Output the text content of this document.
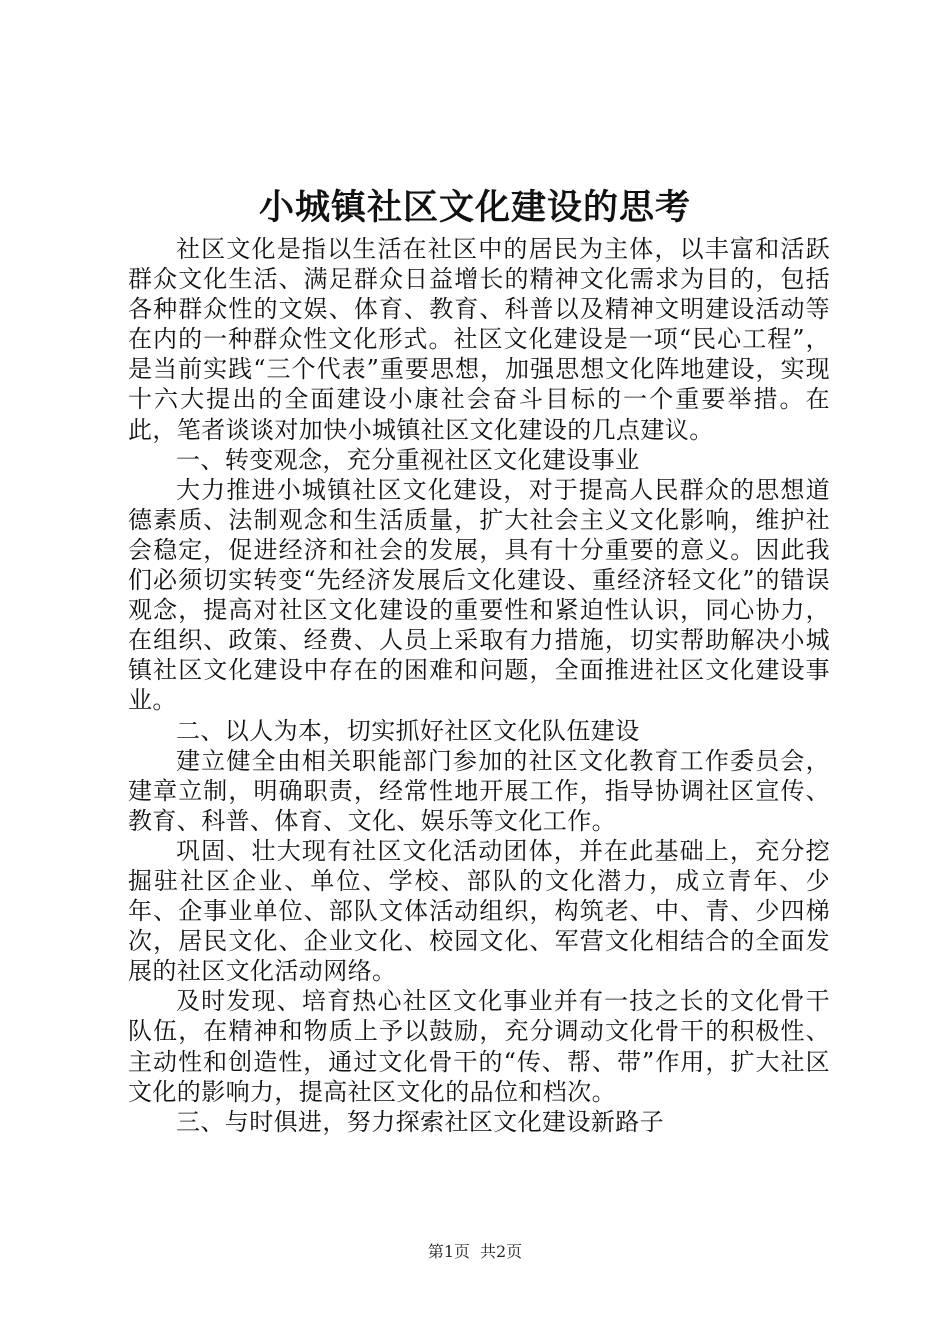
小城镇社区文化建设的思考

社区文化是指以生活在社区中的居民为主体，以丰富和活跃群众文化生活、满足群众日益增长的精神文化需求为目的，包括各种群众性的文娱、体育、教育、科普以及精神文明建设活动等在内的一种群众性文化形式。社区文化建设是一项“民心工程”，是当前实践“三个代表”重要思想，加强思想文化阵地建设，实现十六大提出的全面建设小康社会奋斗目标的一个重要举措。在此，笔者谈谈对加快小城镇社区文化建设的几点建议。

一、转变观念，充分重视社区文化建设事业

大力推进小城镇社区文化建设，对于提高人民群众的思想道德素质、法制观念和生活质量，扩大社会主义文化影响，维护社会稳定，促进经济和社会的发展，具有十分重要的意义。因此我们必须切实转变“先经济发展后文化建设、重经济轻文化”的错误观念，提高对社区文化建设的重要性和紧迫性认识，同心协力，在组织、政策、经费、人员上采取有力措施，切实帮助解决小城镇社区文化建设中存在的困难和问题，全面推进社区文化建设事业。

二、以人为本，切实抓好社区文化队伍建设

建立健全由相关职能部门参加的社区文化教育工作委员会，建章立制，明确职责，经常性地开展工作，指导协调社区宣传、教育、科普、体育、文化、娱乐等文化工作。

巩固、壮大现有社区文化活动团体，并在此基础上，充分挖掘驻社区企业、单位、学校、部队的文化潜力，成立青年、少年、企事业单位、部队文体活动组织，构筑老、中、青、少四梯次，居民文化、企业文化、校园文化、军营文化相结合的全面发展的社区文化活动网络。

及时发现、培育热心社区文化事业并有一技之长的文化骨干队伍，在精神和物质上予以鼓励，充分调动文化骨干的积极性、主动性和创造性，通过文化骨干的“传、帮、带”作用，扩大社区文化的影响力，提高社区文化的品位和档次。

三、与时俱进，努力探索社区文化建设新路子

第1页 共2页
